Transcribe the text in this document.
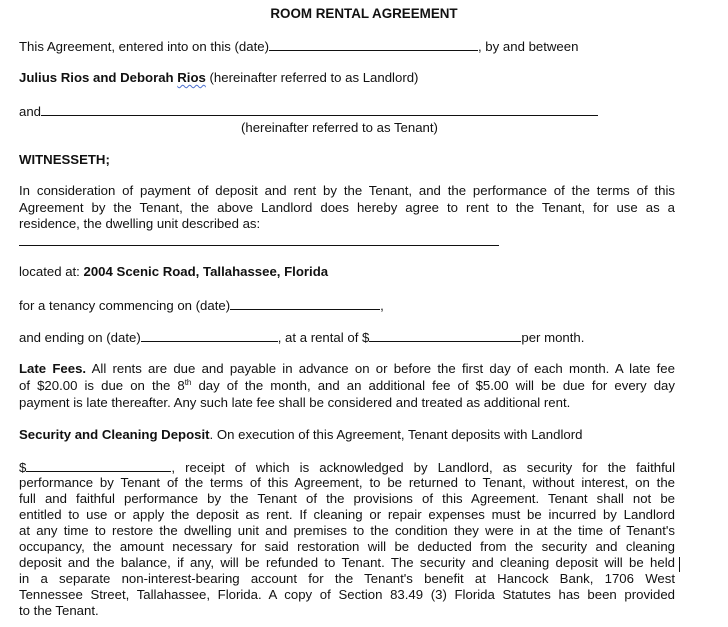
ROOM RENTAL AGREEMENT
This Agreement, entered into on this (date)	, by and between
Julius Rios and Deborah Rios (hereinafter referred to as Landlord)
and
(hereinafter referred to as Tenant)
WITNESSETH;
In consideration of payment of deposit and rent by the Tenant, and the performance of the terms of this
Agreement by the Tenant, the above Landlord does hereby agree to rent to the Tenant, for use as a
residence, the dwelling unit described as:
located at: 2004 Scenic Road, Tallahassee, Florida
for a tenancy commencing on (date)	,
and ending on (date)	, at a rental of $	per month.
Late Fees. All rents are due and payable in advance on or before the first day of each month. A late fee
of $20.00 is due on the 8th day of the month, and an additional fee of $5.00 will be due for every day
payment is late thereafter. Any such late fee shall be considered and treated as additional rent.
Security and Cleaning Deposit. On execution of this Agreement, Tenant deposits with Landlord
$	, receipt of which is acknowledged by Landlord, as security for the faithful
performance by Tenant of the terms of this Agreement, to be returned to Tenant, without interest, on the
full and faithful performance by the Tenant of the provisions of this Agreement. Tenant shall not be
entitled to use or apply the deposit as rent. If cleaning or repair expenses must be incurred by Landlord
at any time to restore the dwelling unit and premises to the condition they were in at the time of Tenant's
occupancy, the amount necessary for said restoration will be deducted from the security and cleaning
deposit and the balance, if any, will be refunded to Tenant. The security and cleaning deposit will be held
in a separate non-interest-bearing account for the Tenant's benefit at Hancock Bank, 1706 West
Tennessee Street, Tallahassee, Florida. A copy of Section 83.49 (3) Florida Statutes has been provided
to the Tenant.
